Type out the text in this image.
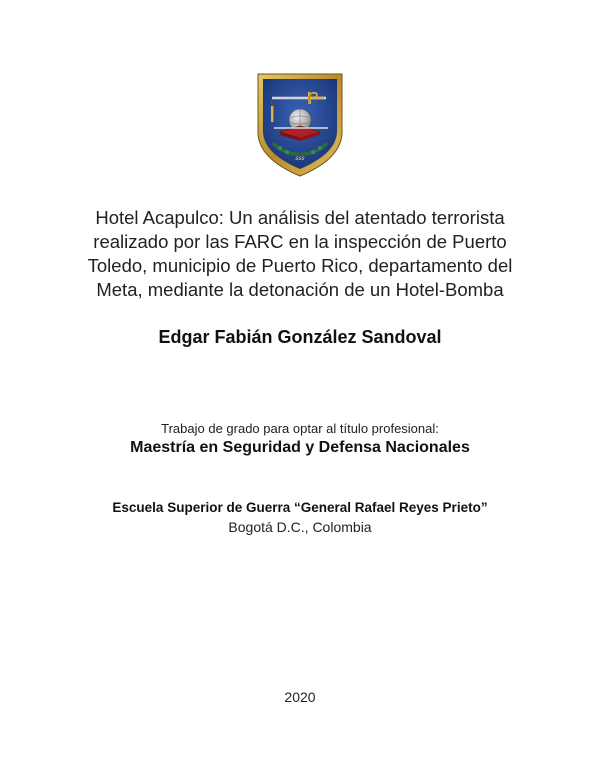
sss
Hotel Acapulco: Un análisis del atentado terrorista
realizado por las FARC en la inspección de Puerto
Toledo, municipio de Puerto Rico, departamento del
Meta, mediante la detonación de un Hotel-Bomba
Edgar Fabián González Sandoval
Trabajo de grado para optar al título profesional:
Maestría en Seguridad y Defensa Nacionales
Escuela Superior de Guerra “General Rafael Reyes Prieto”
Bogotá D.C., Colombia
2020
